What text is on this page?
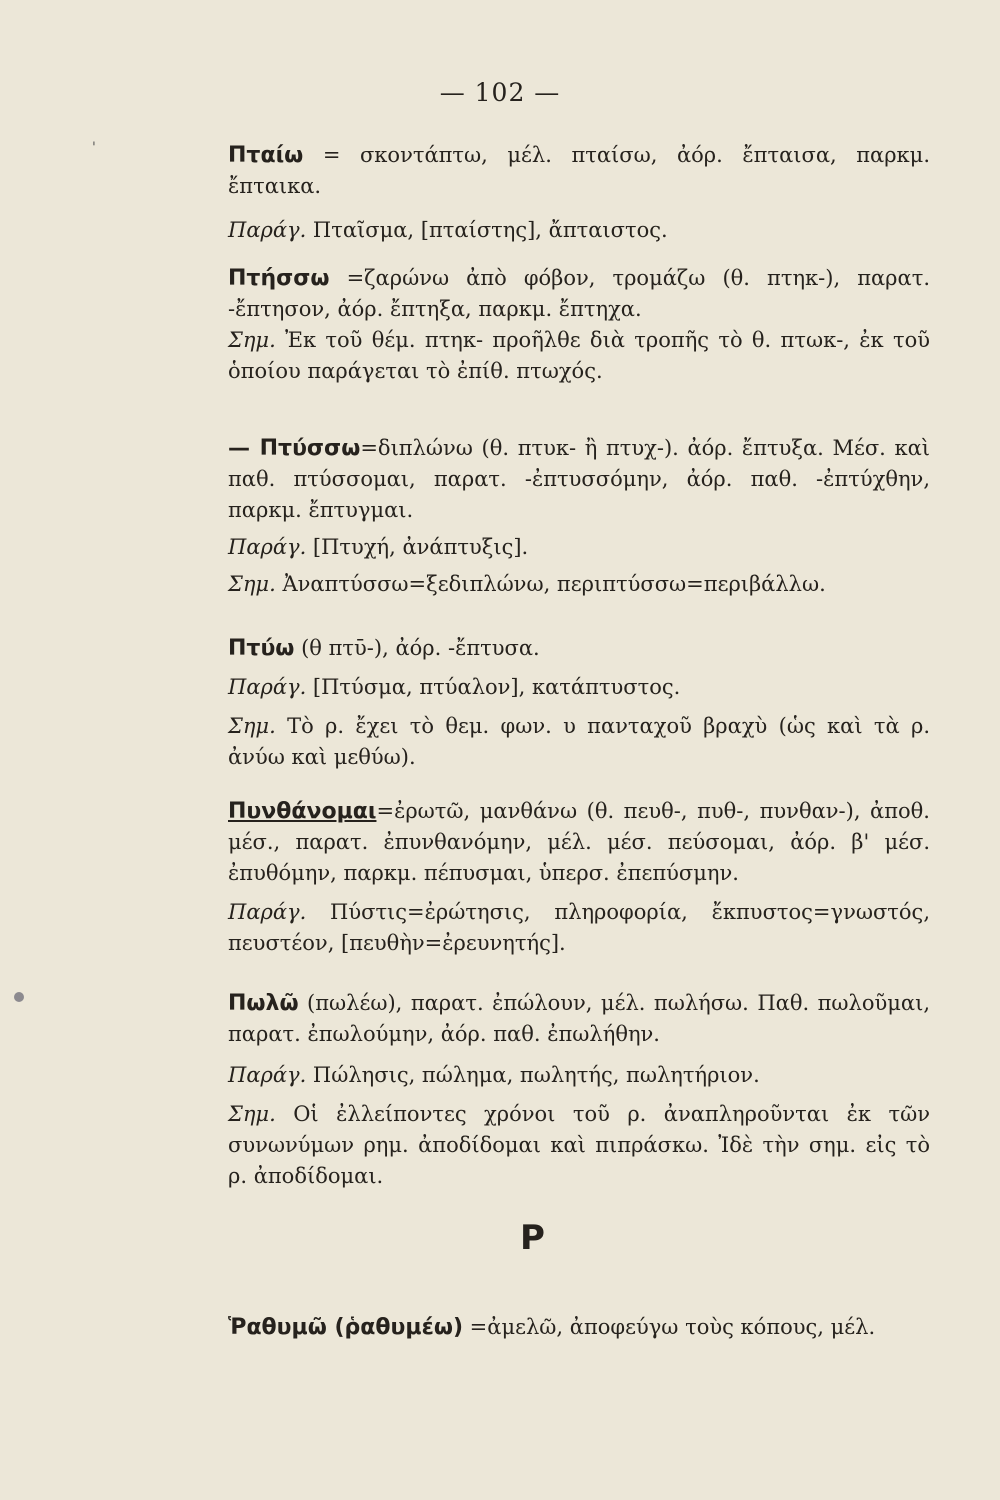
'
— 102 —
Πταίω = σκοντάπτω, μέλ. πταίσω, ἀόρ. ἔπταισα, παρκμ. ἔπταικα.
Παράγ. Πταῖσμα, [πταίστης], ἄπταιστος.
Πτήσσω =ζαρώνω ἀπὸ φόβον, τρομάζω (θ. πτηκ-), παρατ. -ἔπτησον, ἀόρ. ἔπτηξα, παρκμ. ἔπτηχα.
Σημ. Ἐκ τοῦ θέμ. πτηκ- προῆλθε διὰ τροπῆς τὸ θ. πτωκ-, ἐκ τοῦ ὁποίου παράγεται τὸ ἐπίθ. πτωχός.
— Πτύσσω=διπλώνω (θ. πτυκ- ἢ πτυχ-). ἀόρ. ἔπτυξα. Μέσ. καὶ παθ. πτύσσομαι, παρατ. -ἐπτυσσόμην, ἀόρ. παθ. -ἐπτύχθην, παρκμ. ἔπτυγμαι.
Παράγ. [Πτυχή, ἀνάπτυξις].
Σημ. Ἀναπτύσσω=ξεδιπλώνω, περιπτύσσω=περιβάλλω.
Πτύω (θ πτῡ-), ἀόρ. -ἔπτυσα.
Παράγ. [Πτύσμα, πτύαλον], κατάπτυστος.
Σημ. Τὸ ρ. ἔχει τὸ θεμ. φων. υ πανταχοῦ βραχὺ (ὡς καὶ τὰ ρ. ἀνύω καὶ μεθύω).
Πυνθάνομαι=ἐρωτῶ, μανθάνω (θ. πευθ-, πυθ-, πυνθαν-), ἀποθ. μέσ., παρατ. ἐπυνθανόμην, μέλ. μέσ. πεύσομαι, ἀόρ. β' μέσ. ἐπυθόμην, παρκμ. πέπυσμαι, ὑπερσ. ἐπεπύσμην.
Παράγ. Πύστις=ἐρώτησις, πληροφορία, ἔκπυστος=γνωστός, πευστέον, [πευθὴν=ἐρευνητής].
Πωλῶ (πωλέω), παρατ. ἐπώλουν, μέλ. πωλήσω. Παθ. πωλοῦμαι, παρατ. ἐπωλούμην, ἀόρ. παθ. ἐπωλήθην.
Παράγ. Πώλησις, πώλημα, πωλητής, πωλητήριον.
Σημ. Οἱ ἐλλείποντες χρόνοι τοῦ ρ. ἀναπληροῦνται ἐκ τῶν συνωνύμων ρημ. ἀποδίδομαι καὶ πιπράσκω. Ἰδὲ τὴν σημ. εἰς τὸ ρ. ἀποδίδομαι.
Ρ
Ῥαθυμῶ (ῥαθυμέω) =ἀμελῶ, ἀποφεύγω τοὺς κόπους, μέλ.
